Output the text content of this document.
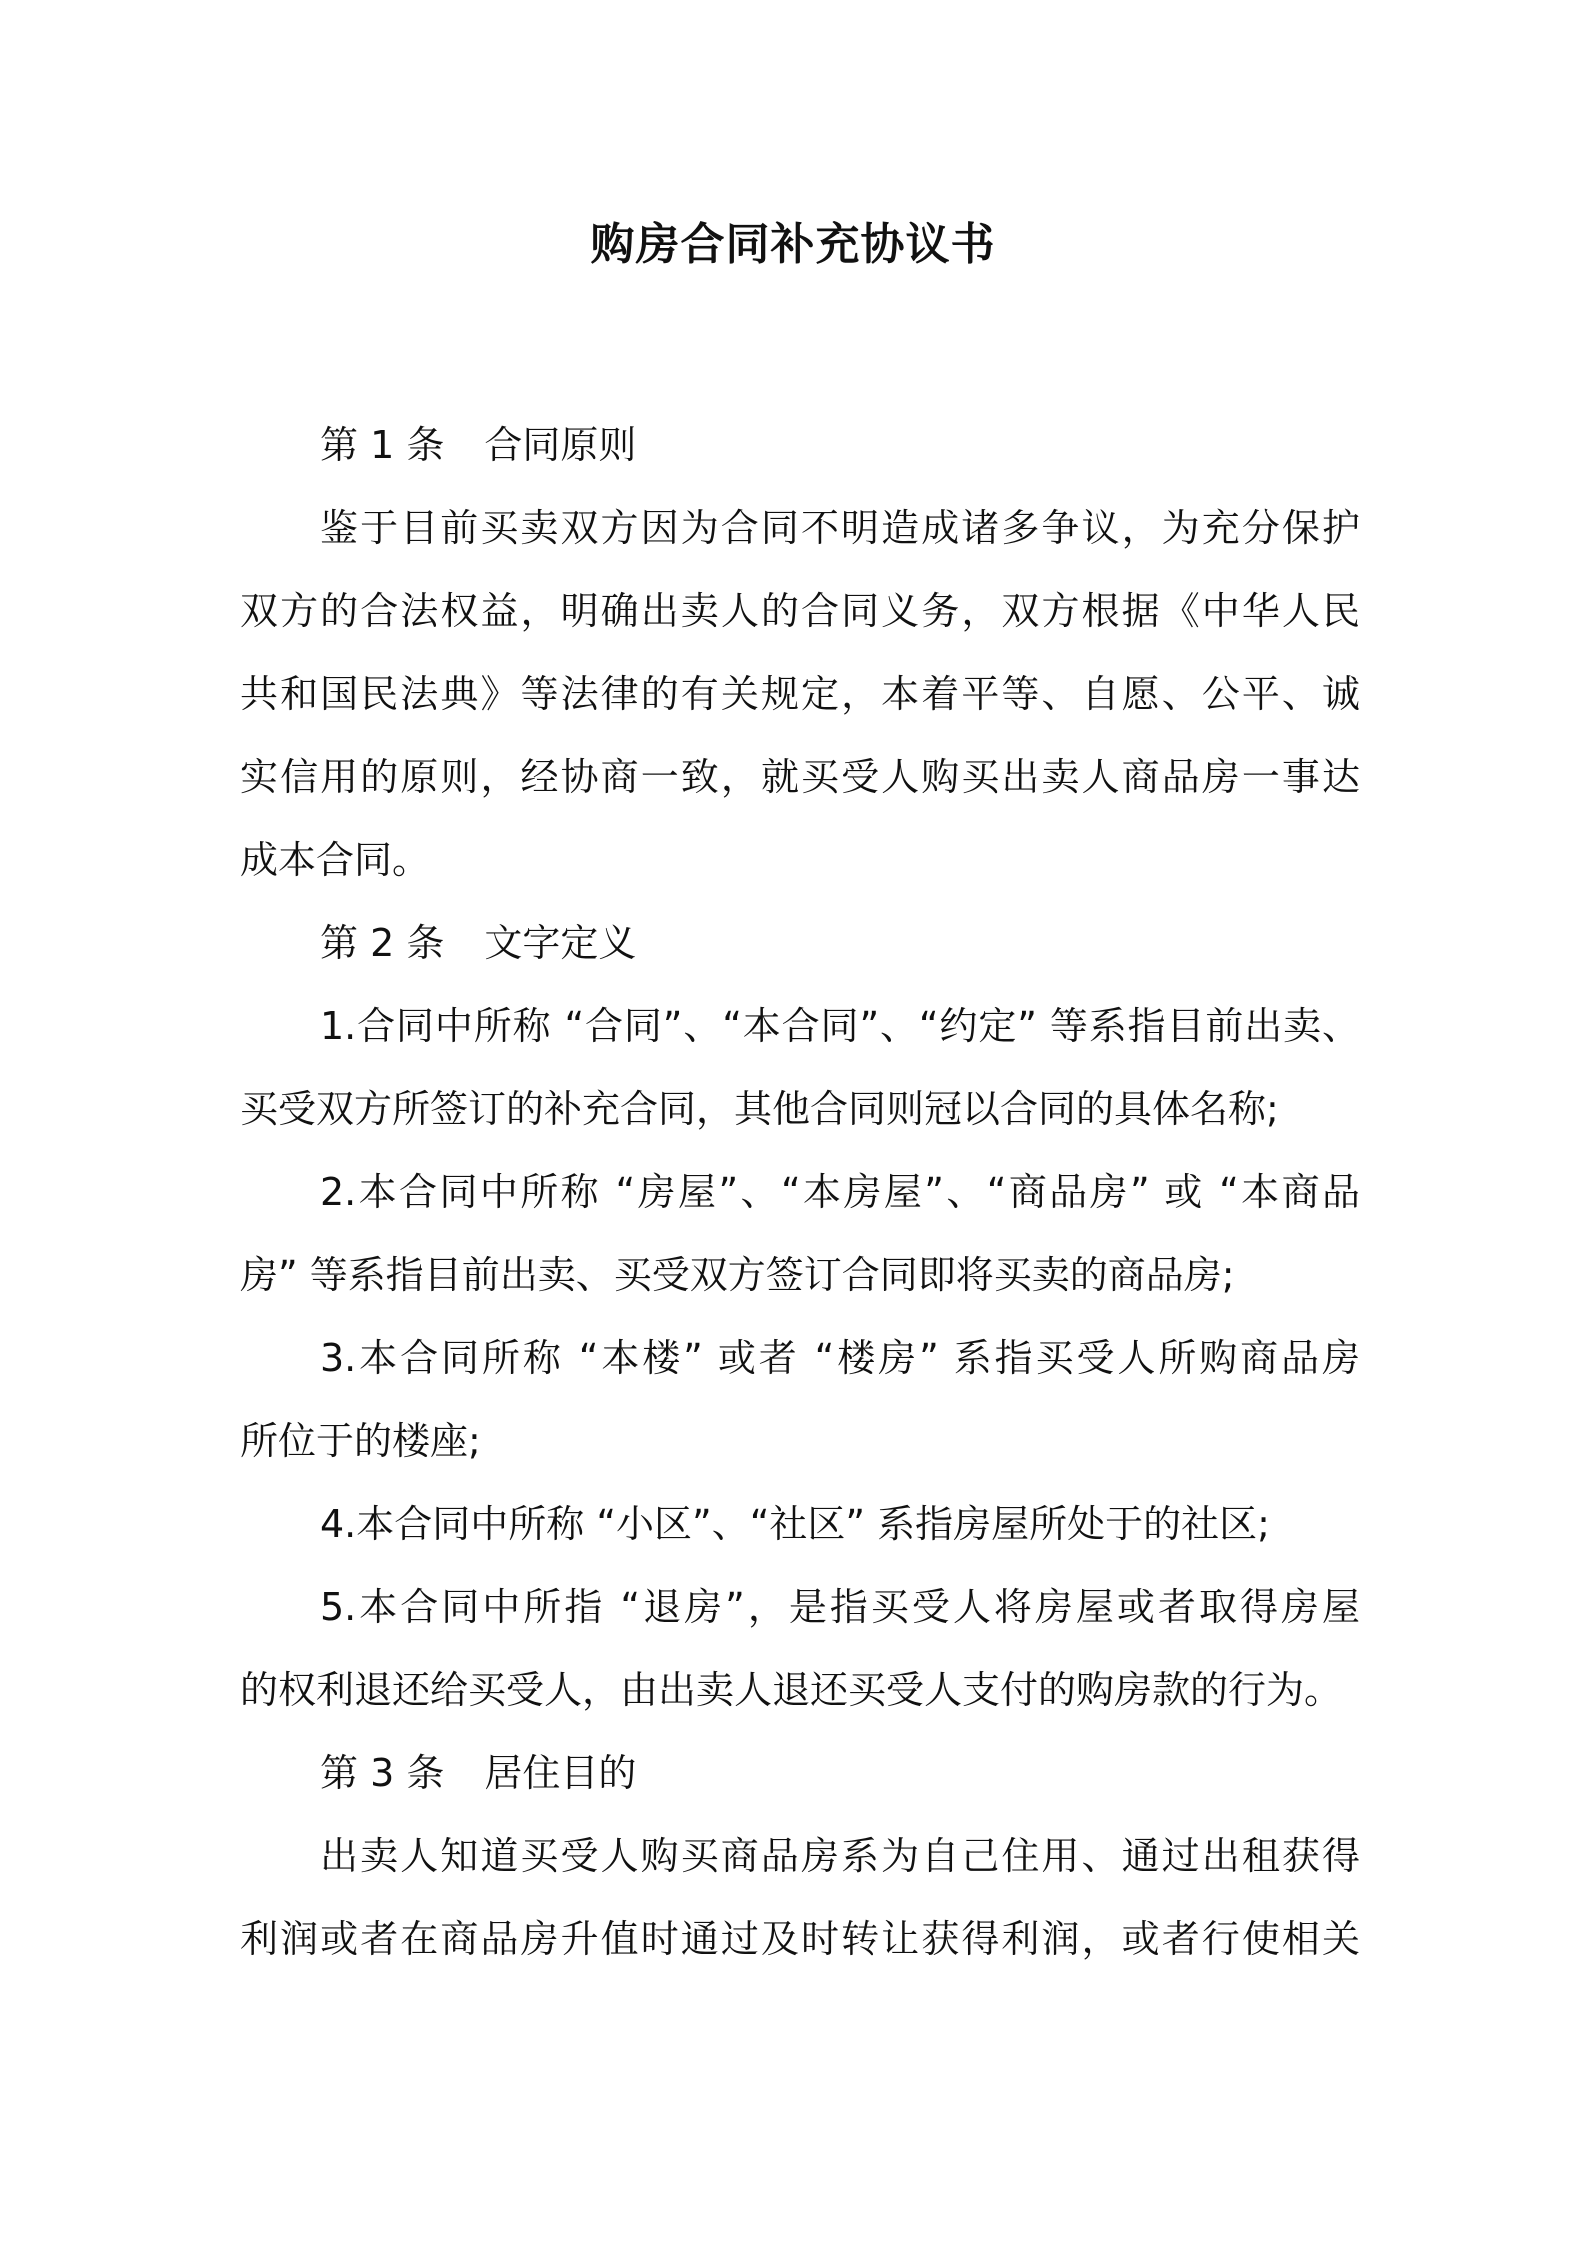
购房合同补充协议书
第 1 条 合同原则
鉴于目前买卖双方因为合同不明造成诸多争议，为充分保护
双方的合法权益，明确出卖人的合同义务，双方根据《中华人民
共和国民法典》等法律的有关规定，本着平等、自愿、公平、诚
实信用的原则，经协商一致，就买受人购买出卖人商品房一事达
成本合同。
第 2 条 文字定义
1.合同中所称 “合同”、“本合同”、“约定” 等系指目前出卖、
买受双方所签订的补充合同，其他合同则冠以合同的具体名称;
2.本合同中所称 “房屋”、“本房屋”、“商品房” 或 “本商品
房” 等系指目前出卖、买受双方签订合同即将买卖的商品房;
3.本合同所称 “本楼” 或者 “楼房” 系指买受人所购商品房
所位于的楼座;
4.本合同中所称 “小区”、“社区” 系指房屋所处于的社区;
5.本合同中所指 “退房”，是指买受人将房屋或者取得房屋
的权利退还给买受人，由出卖人退还买受人支付的购房款的行为。
第 3 条 居住目的
出卖人知道买受人购买商品房系为自己住用、通过出租获得
利润或者在商品房升值时通过及时转让获得利润，或者行使相关
